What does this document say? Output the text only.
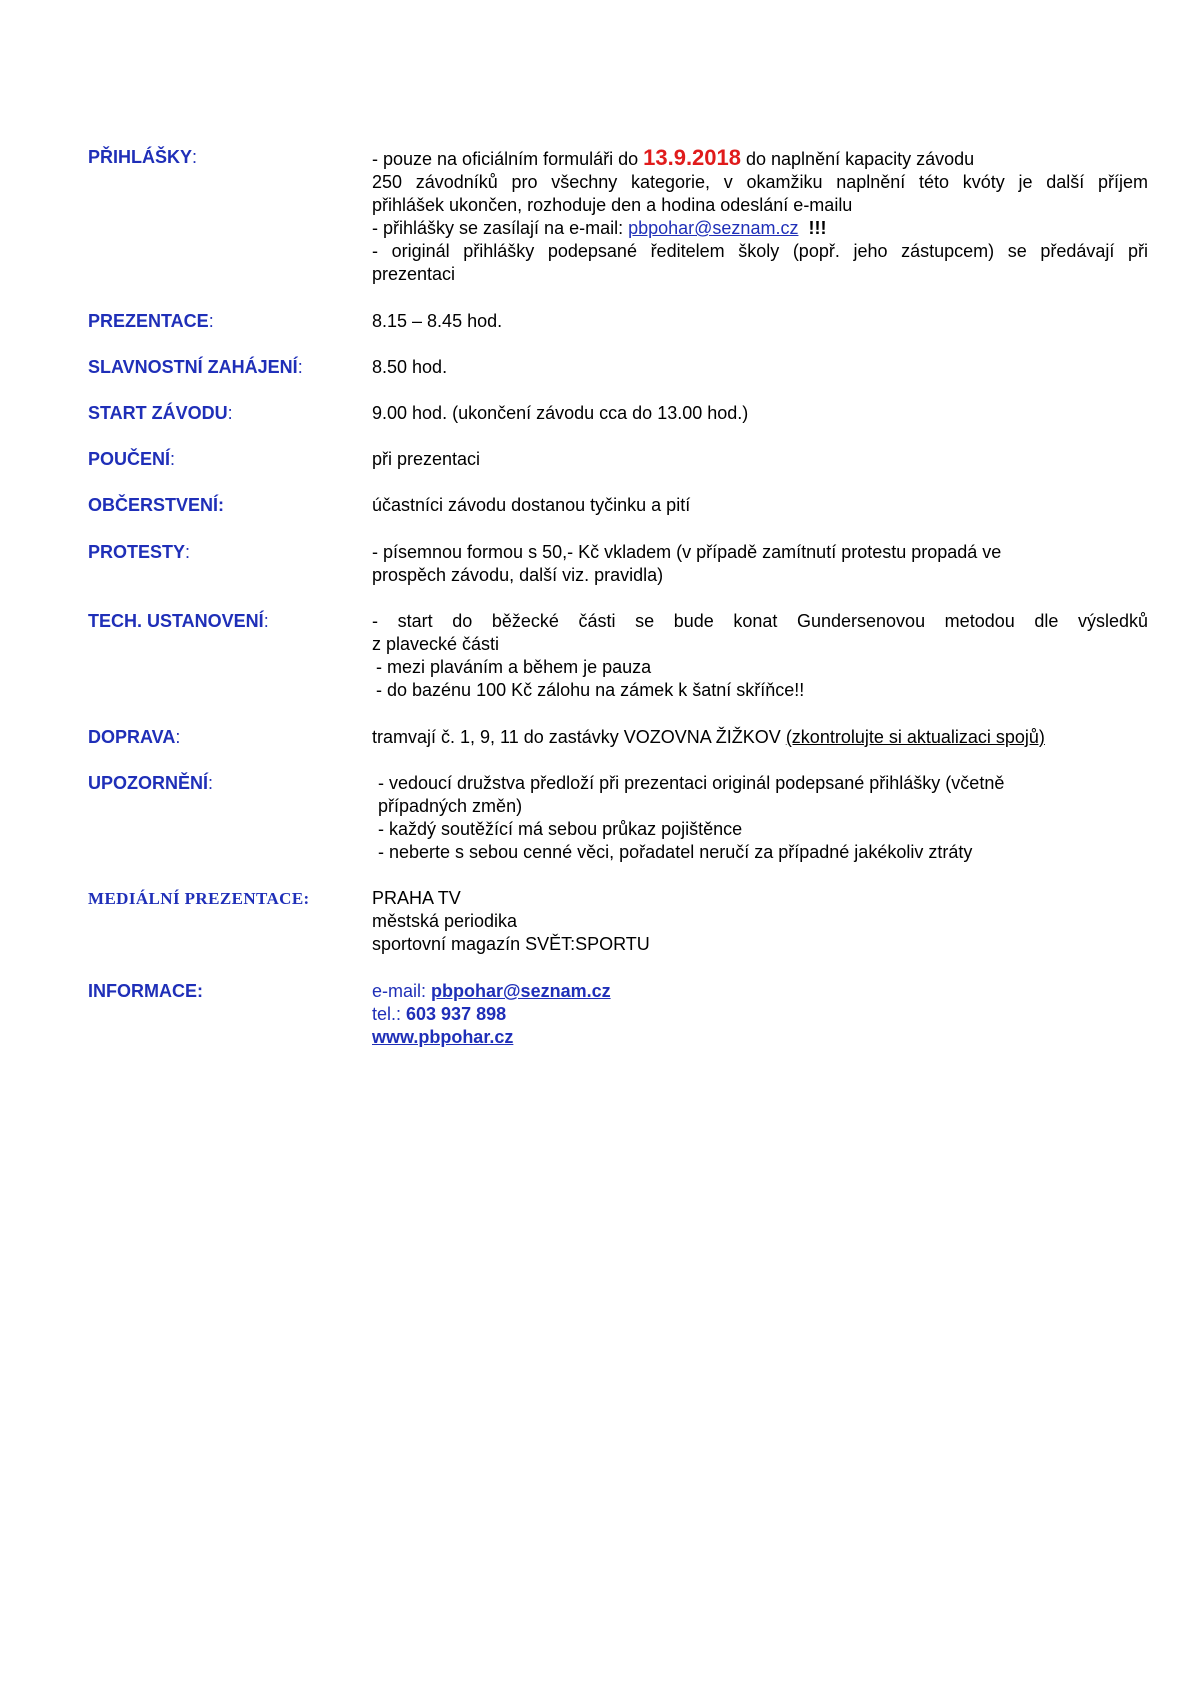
PŘIHLÁŠKY:	- pouze na oficiálním formuláři do 13.9.2018 do naplnění kapacity závodu
250 závodníků pro všechny kategorie, v okamžiku naplnění této kvóty je další příjem
přihlášek ukončen, rozhoduje den a hodina odeslání e-mailu
- přihlášky se zasílají na e-mail: pbpohar@seznam.cz !!!
- originál přihlášky podepsané ředitelem školy (popř. jeho zástupcem) se předávají při
prezentaci
PREZENTACE:	8.15 – 8.45 hod.
SLAVNOSTNÍ ZAHÁJENÍ:	8.50 hod.
START ZÁVODU:	9.00 hod. (ukončení závodu cca do 13.00 hod.)
POUČENÍ:	při prezentaci
OBČERSTVENÍ:	účastníci závodu dostanou tyčinku a pití
PROTESTY:	- písemnou formou s 50,- Kč vkladem (v případě zamítnutí protestu propadá ve
prospěch závodu, další viz. pravidla)
TECH. USTANOVENÍ:	- start do běžecké části se bude konat Gundersenovou metodou dle výsledků
z plavecké části
- mezi plaváním a během je pauza
- do bazénu 100 Kč zálohu na zámek k šatní skříňce!!
DOPRAVA:	tramvají č. 1, 9, 11 do zastávky VOZOVNA ŽIŽKOV (zkontrolujte si aktualizaci spojů)
UPOZORNĚNÍ:	- vedoucí družstva předloží při prezentaci originál podepsané přihlášky (včetně
případných změn)
- každý soutěžící má sebou průkaz pojištěnce
- neberte s sebou cenné věci, pořadatel neručí za případné jakékoliv ztráty
MEDIÁLNÍ PREZENTACE:	PRAHA TV
městská periodika
sportovní magazín SVĚT:SPORTU
INFORMACE:	e-mail: pbpohar@seznam.cz
tel.: 603 937 898
www.pbpohar.cz
